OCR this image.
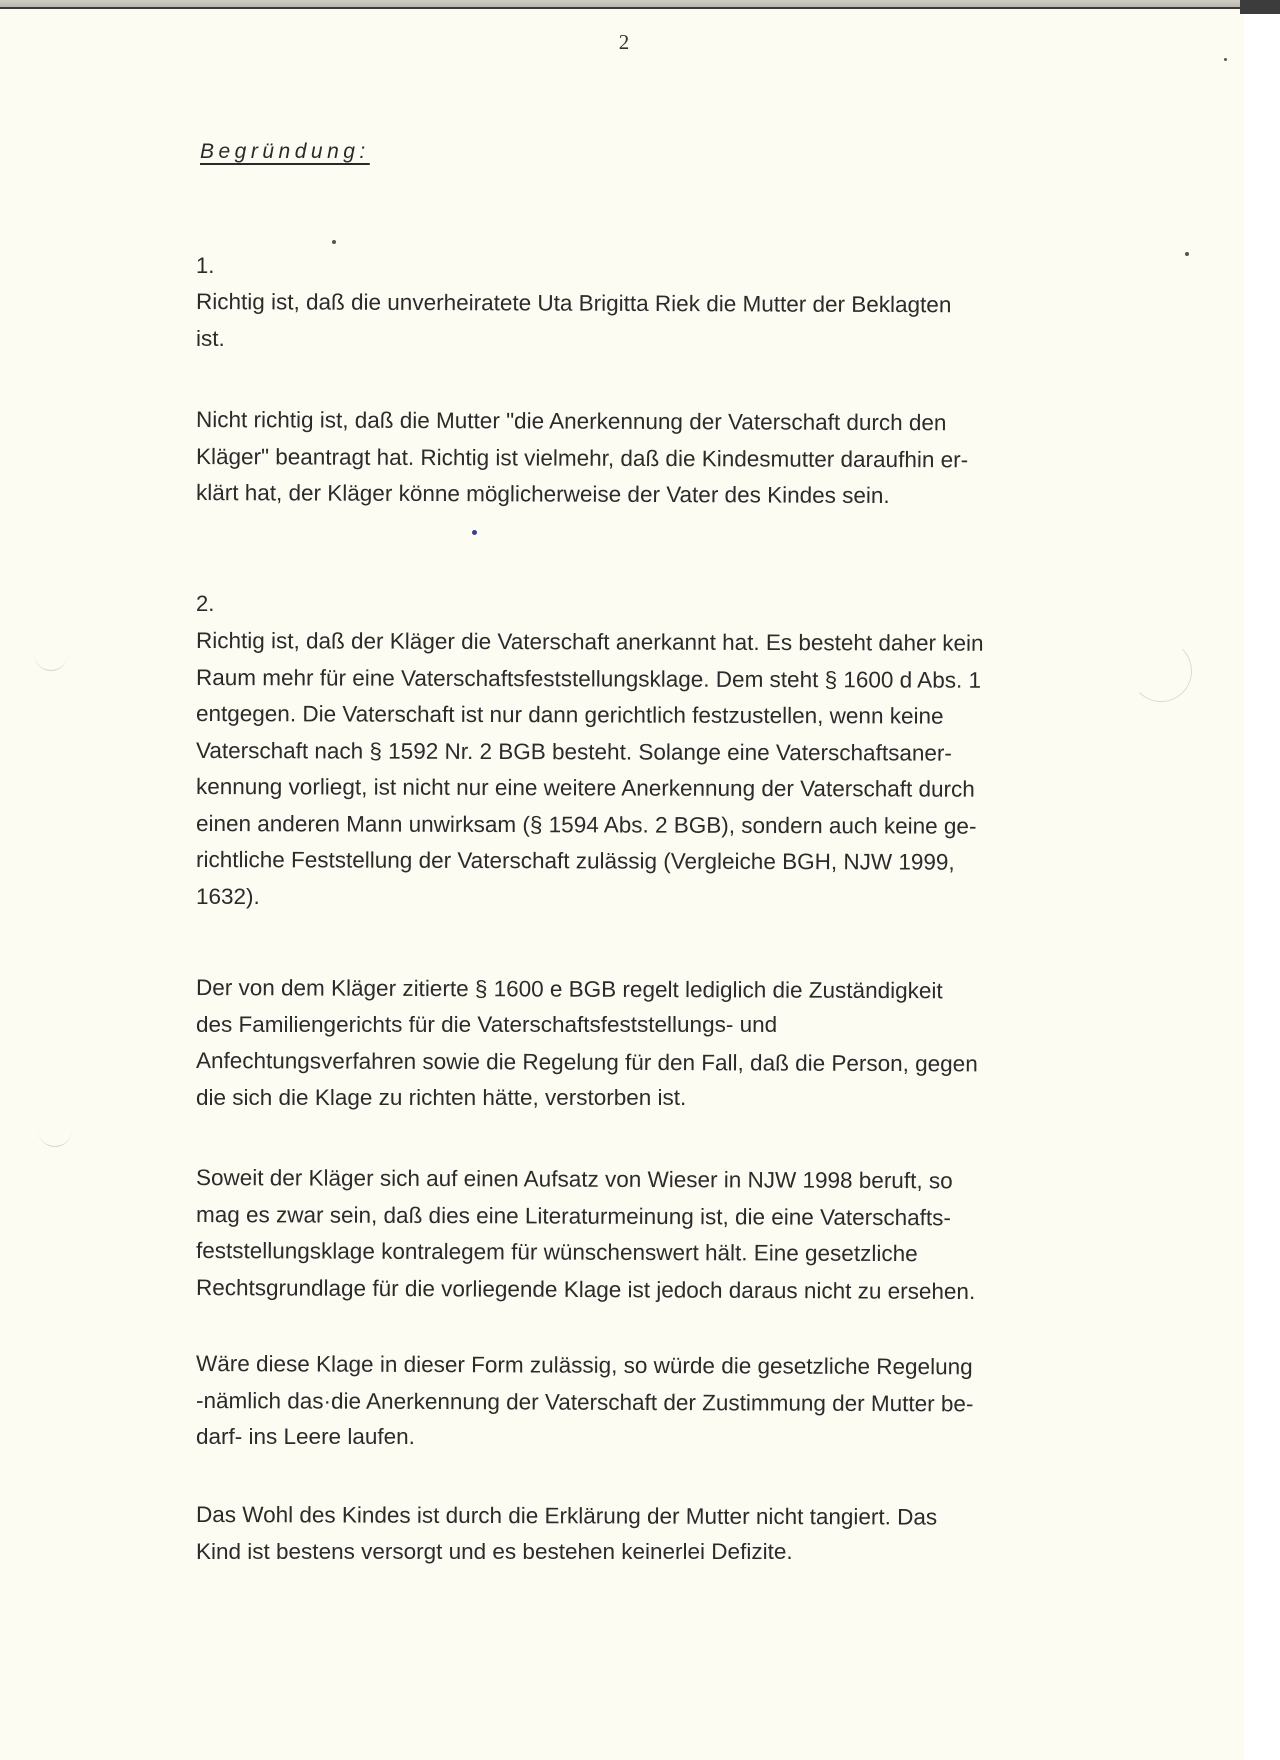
2
Begründung:
1.
Richtig ist, daß die unverheiratete Uta Brigitta Riek die Mutter der Beklagten
ist.
Nicht richtig ist, daß die Mutter "die Anerkennung der Vaterschaft durch den
Kläger" beantragt hat. Richtig ist vielmehr, daß die Kindesmutter daraufhin er-
klärt hat, der Kläger könne möglicherweise der Vater des Kindes sein.
2.
Richtig ist, daß der Kläger die Vaterschaft anerkannt hat. Es besteht daher kein
Raum mehr für eine Vaterschaftsfeststellungsklage. Dem steht § 1600 d Abs. 1
entgegen. Die Vaterschaft ist nur dann gerichtlich festzustellen, wenn keine
Vaterschaft nach § 1592 Nr. 2 BGB besteht. Solange eine Vaterschaftsaner-
kennung vorliegt, ist nicht nur eine weitere Anerkennung der Vaterschaft durch
einen anderen Mann unwirksam (§ 1594 Abs. 2 BGB), sondern auch keine ge-
richtliche Feststellung der Vaterschaft zulässig (Vergleiche BGH, NJW 1999,
1632).
Der von dem Kläger zitierte § 1600 e BGB regelt lediglich die Zuständigkeit
des Familiengerichts für die Vaterschaftsfeststellungs- und
Anfechtungsverfahren sowie die Regelung für den Fall, daß die Person, gegen
die sich die Klage zu richten hätte, verstorben ist.
Soweit der Kläger sich auf einen Aufsatz von Wieser in NJW 1998 beruft, so
mag es zwar sein, daß dies eine Literaturmeinung ist, die eine Vaterschafts-
feststellungsklage kontralegem für wünschenswert hält. Eine gesetzliche
Rechtsgrundlage für die vorliegende Klage ist jedoch daraus nicht zu ersehen.
Wäre diese Klage in dieser Form zulässig, so würde die gesetzliche Regelung
-nämlich das·die Anerkennung der Vaterschaft der Zustimmung der Mutter be-
darf- ins Leere laufen.
Das Wohl des Kindes ist durch die Erklärung der Mutter nicht tangiert. Das
Kind ist bestens versorgt und es bestehen keinerlei Defizite.
